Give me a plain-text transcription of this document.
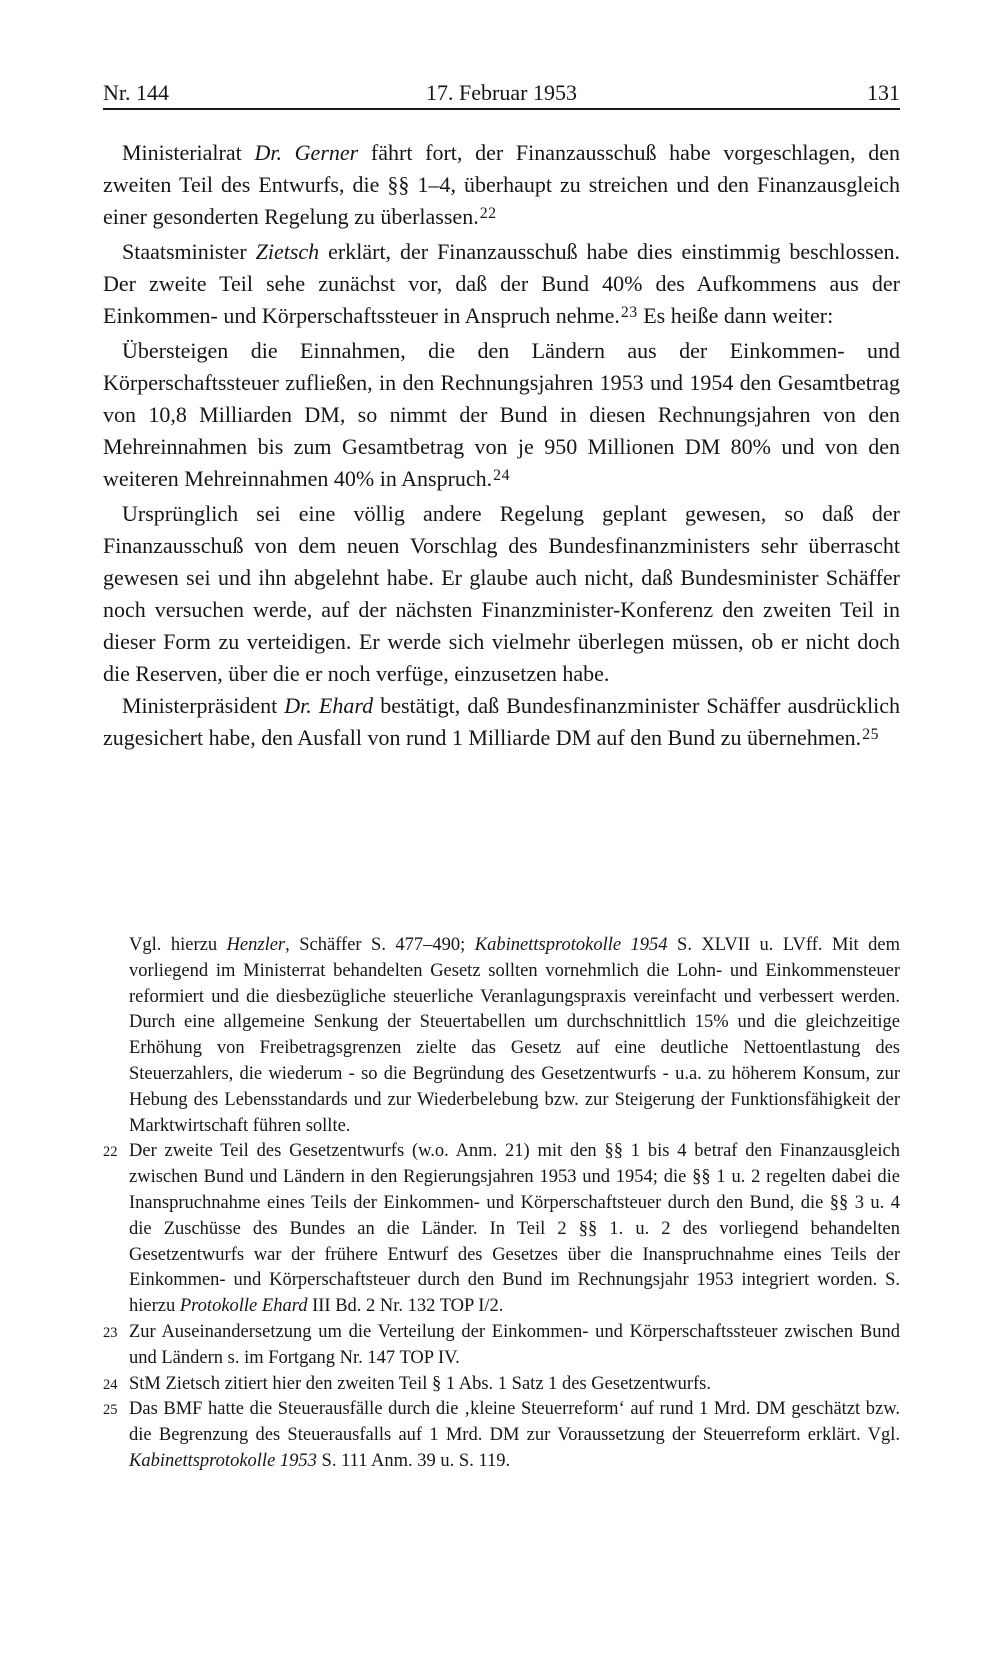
Nr. 144	17. Februar 1953	131

Ministerialrat Dr. Gerner fährt fort, der Finanzausschuß habe vorgeschlagen, den zweiten Teil des Entwurfs, die §§ 1–4, überhaupt zu streichen und den Finanzausgleich einer gesonderten Regelung zu überlassen.$^{22}$

Staatsminister Zietsch erklärt, der Finanzausschuß habe dies einstimmig beschlossen. Der zweite Teil sehe zunächst vor, daß der Bund 40% des Aufkommens aus der Einkommen- und Körperschaftssteuer in Anspruch nehme.$^{23}$ Es heiße dann weiter:

Übersteigen die Einnahmen, die den Ländern aus der Einkommen- und Körperschaftssteuer zufließen, in den Rechnungsjahren 1953 und 1954 den Gesamtbetrag von 10,8 Milliarden DM, so nimmt der Bund in diesen Rechnungsjahren von den Mehreinnahmen bis zum Gesamtbetrag von je 950 Millionen DM 80% und von den weiteren Mehreinnahmen 40% in Anspruch.$^{24}$

Ursprünglich sei eine völlig andere Regelung geplant gewesen, so daß der Finanzausschuß von dem neuen Vorschlag des Bundesfinanzministers sehr überrascht gewesen sei und ihn abgelehnt habe. Er glaube auch nicht, daß Bundesminister Schäffer noch versuchen werde, auf der nächsten Finanzminister-Konferenz den zweiten Teil in dieser Form zu verteidigen. Er werde sich vielmehr überlegen müssen, ob er nicht doch die Reserven, über die er noch verfüge, einzusetzen habe.

Ministerpräsident Dr. Ehard bestätigt, daß Bundesfinanzminister Schäffer ausdrücklich zugesichert habe, den Ausfall von rund 1 Milliarde DM auf den Bund zu übernehmen.$^{25}$

Vgl. hierzu Henzler, Schäffer S. 477–490; Kabinettsprotokolle 1954 S. XLVII u. LVff. Mit dem vorliegend im Ministerrat behandelten Gesetz sollten vornehmlich die Lohn- und Einkommensteuer reformiert und die diesbezügliche steuerliche Veranlagungspraxis vereinfacht und verbessert werden. Durch eine allgemeine Senkung der Steuertabellen um durchschnittlich 15% und die gleichzeitige Erhöhung von Freibetragsgrenzen zielte das Gesetz auf eine deutliche Nettoentlastung des Steuerzahlers, die wiederum - so die Begründung des Gesetzentwurfs - u.a. zu höherem Konsum, zur Hebung des Lebensstandards und zur Wiederbelebung bzw. zur Steigerung der Funktionsfähigkeit der Marktwirtschaft führen sollte.
22 Der zweite Teil des Gesetzentwurfs (w.o. Anm. 21) mit den §§ 1 bis 4 betraf den Finanzausgleich zwischen Bund und Ländern in den Regierungsjahren 1953 und 1954; die §§ 1 u. 2 regelten dabei die Inanspruchnahme eines Teils der Einkommen- und Körperschaftsteuer durch den Bund, die §§ 3 u. 4 die Zuschüsse des Bundes an die Länder. In Teil 2 §§ 1. u. 2 des vorliegend behandelten Gesetzentwurfs war der frühere Entwurf des Gesetzes über die Inanspruchnahme eines Teils der Einkommen- und Körperschaftsteuer durch den Bund im Rechnungsjahr 1953 integriert worden. S. hierzu Protokolle Ehard III Bd. 2 Nr. 132 TOP I/2.
23 Zur Auseinandersetzung um die Verteilung der Einkommen- und Körperschaftssteuer zwischen Bund und Ländern s. im Fortgang Nr. 147 TOP IV.
24 StM Zietsch zitiert hier den zweiten Teil § 1 Abs. 1 Satz 1 des Gesetzentwurfs.
25 Das BMF hatte die Steuerausfälle durch die ‚kleine Steuerreform‘ auf rund 1 Mrd. DM geschätzt bzw. die Begrenzung des Steuerausfalls auf 1 Mrd. DM zur Voraussetzung der Steuerreform erklärt. Vgl. Kabinettsprotokolle 1953 S. 111 Anm. 39 u. S. 119.
